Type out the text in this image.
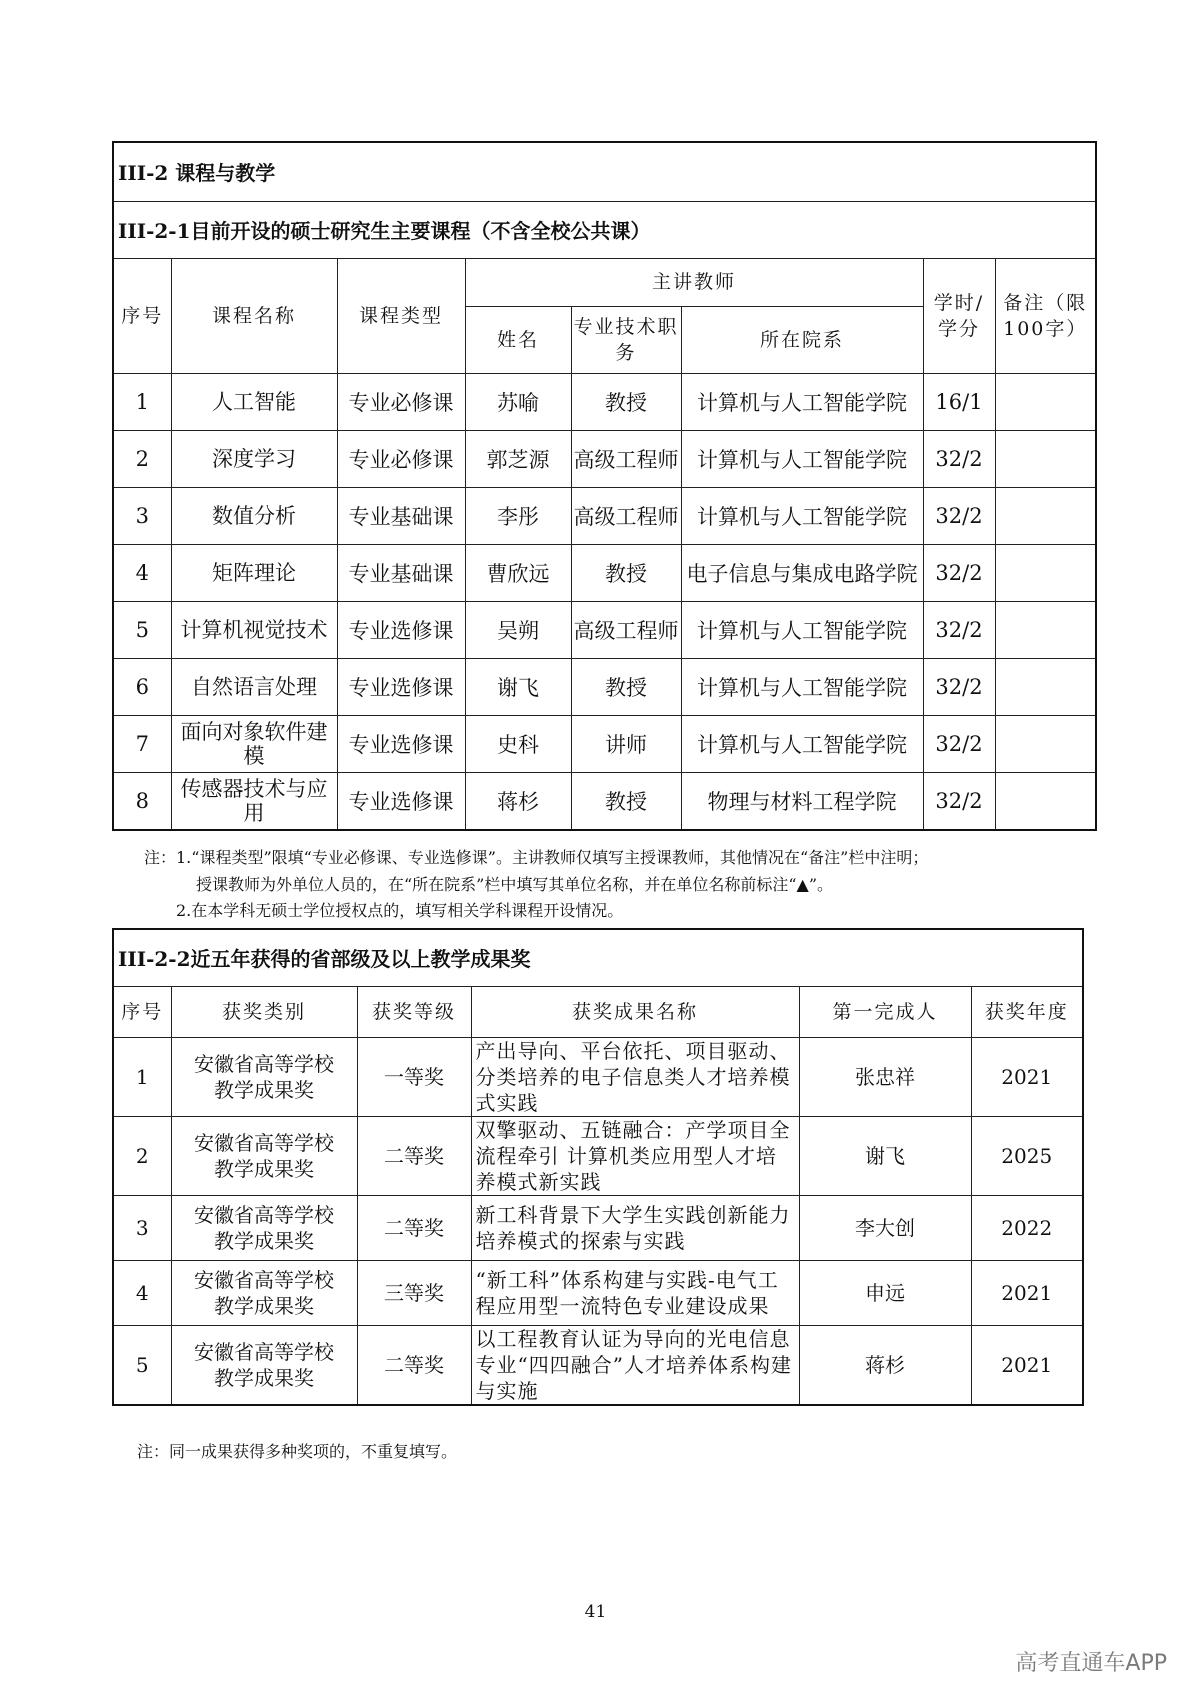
III-2 课程与教学							
III-2-1目前开设的硕士研究生主要课程（不含全校公共课）							
序号	课程名称	课程类型	主讲教师			学时/学分	备注（限100字）
			姓名	专业技术职务	所在院系		
1	人工智能	专业必修课	苏喻	教授	计算机与人工智能学院	16/1	
2	深度学习	专业必修课	郭芝源	高级工程师	计算机与人工智能学院	32/2	
3	数值分析	专业基础课	李彤	高级工程师	计算机与人工智能学院	32/2	
4	矩阵理论	专业基础课	曹欣远	教授	电子信息与集成电路学院	32/2	
5	计算机视觉技术	专业选修课	吴朔	高级工程师	计算机与人工智能学院	32/2	
6	自然语言处理	专业选修课	谢飞	教授	计算机与人工智能学院	32/2	
7	面向对象软件建模	专业选修课	史科	讲师	计算机与人工智能学院	32/2	
8	传感器技术与应用	专业选修课	蒋杉	教授	物理与材料工程学院	32/2	
注：1.“课程类型”限填“专业必修课、专业选修课”。主讲教师仅填写主授课教师，其他情况在“备注”栏中注明；
授课教师为外单位人员的，在“所在院系”栏中填写其单位名称，并在单位名称前标注“▲”。
2.在本学科无硕士学位授权点的，填写相关学科课程开设情况。
III-2-2近五年获得的省部级及以上教学成果奖					
序号	获奖类别	获奖等级	获奖成果名称	第一完成人	获奖年度
1	安徽省高等学校教学成果奖	一等奖	产出导向、平台依托、项目驱动、分类培养的电子信息类人才培养模式实践	张忠祥	2021
2	安徽省高等学校教学成果奖	二等奖	双擎驱动、五链融合：产学项目全流程牵引 计算机类应用型人才培养模式新实践	谢飞	2025
3	安徽省高等学校教学成果奖	二等奖	新工科背景下大学生实践创新能力培养模式的探索与实践	李大创	2022
4	安徽省高等学校教学成果奖	三等奖	“新工科”体系构建与实践-电气工程应用型一流特色专业建设成果	申远	2021
5	安徽省高等学校教学成果奖	二等奖	以工程教育认证为导向的光电信息专业“四四融合”人才培养体系构建与实施	蒋杉	2021
注：同一成果获得多种奖项的，不重复填写。
41
高考直通车APP
